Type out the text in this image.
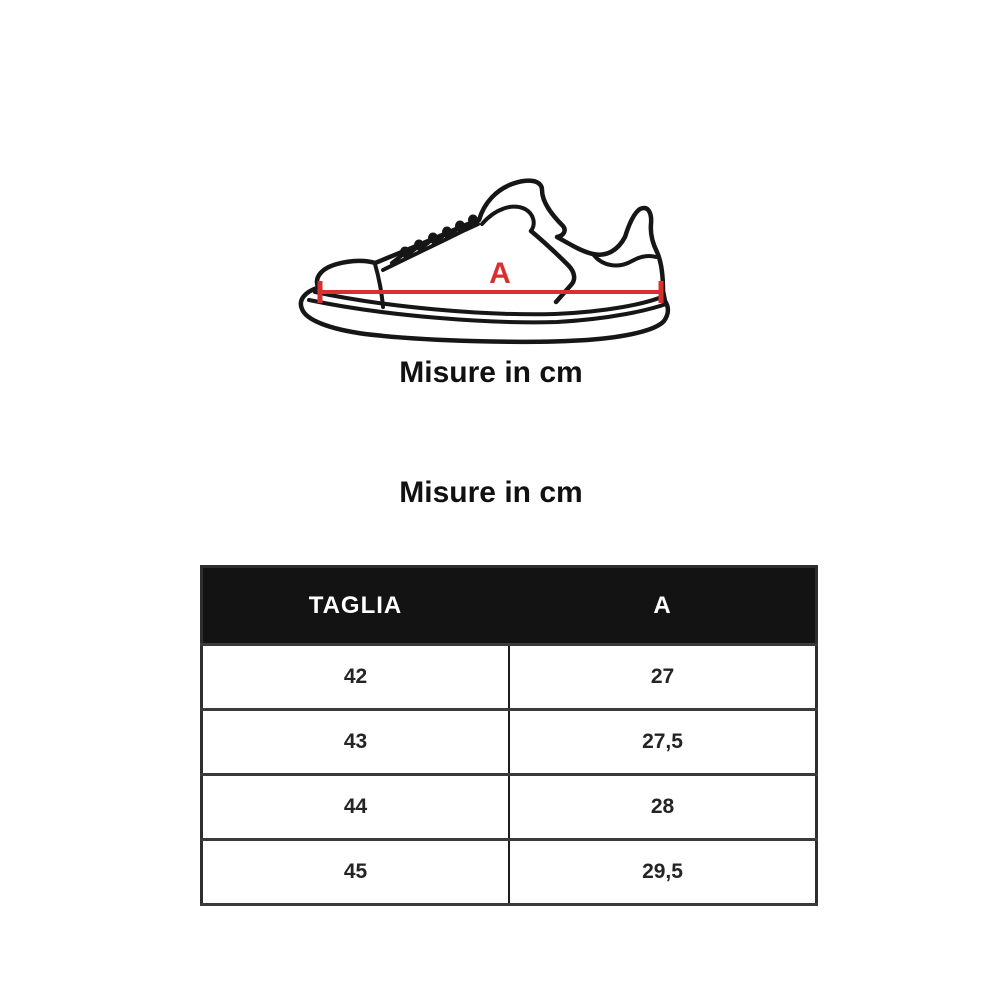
A
Misure in cm
Misure in cm
TAGLIA	A
42	27
43	27,5
44	28
45	29,5
